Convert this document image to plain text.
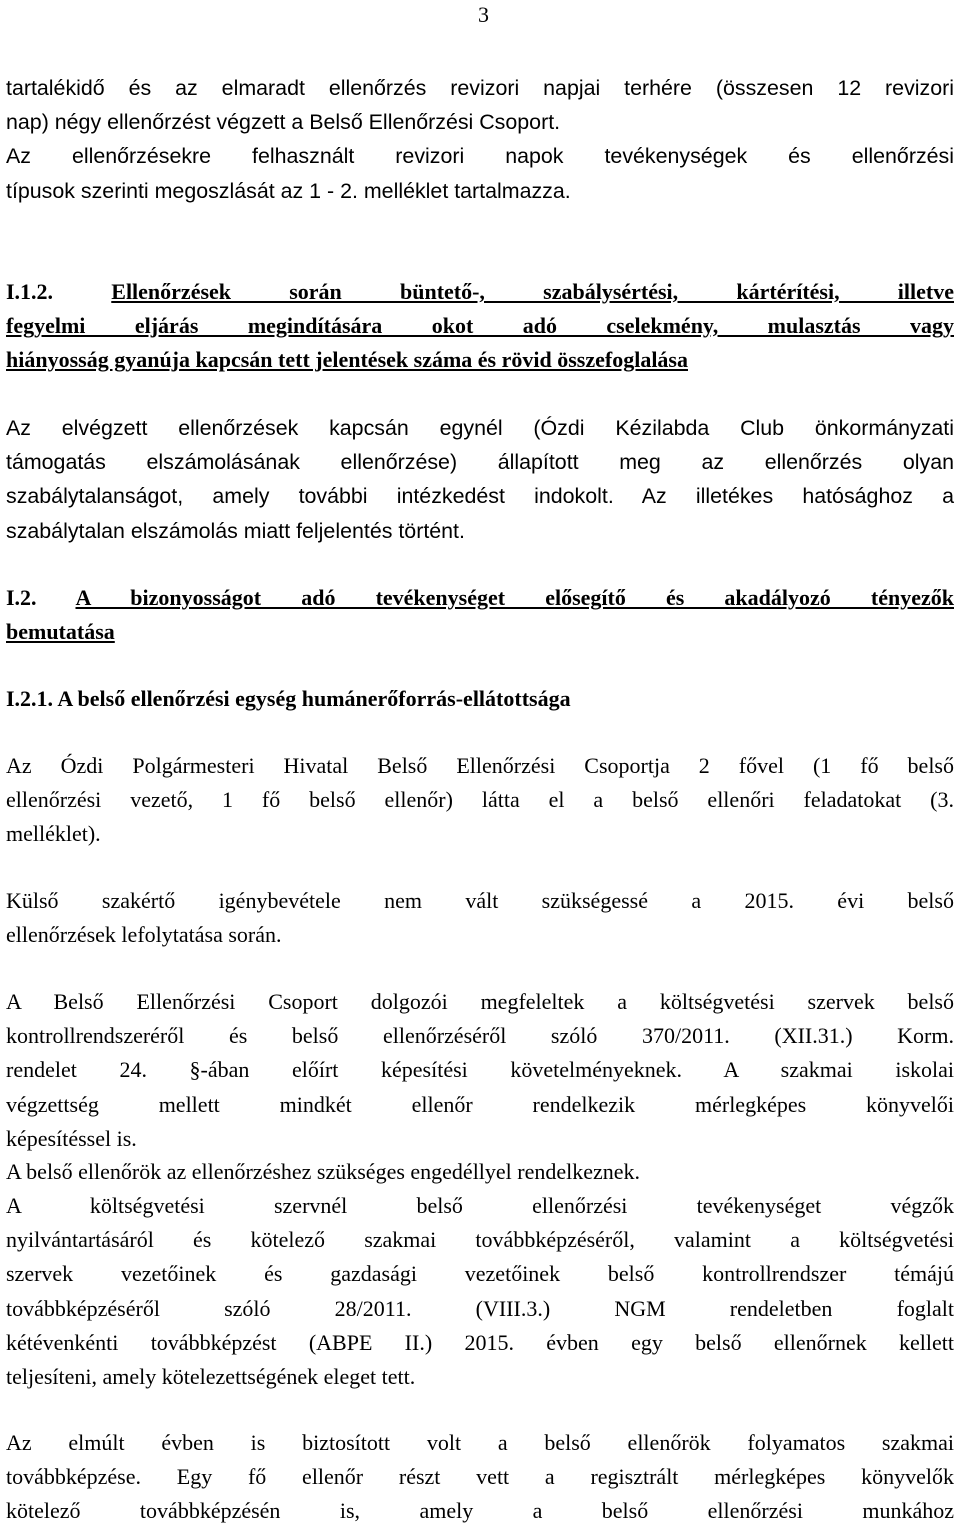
3
tartalékidő és az elmaradt ellenőrzés revizori napjai terhére (összesen 12 revizori
nap) négy ellenőrzést végzett a Belső Ellenőrzési Csoport.
Az ellenőrzésekre felhasznált revizori napok tevékenységek és ellenőrzési
típusok szerinti megoszlását az 1 - 2. melléklet tartalmazza.
I.1.2.	Ellenőrzések során büntető-, szabálysértési, kártérítési, illetve
fegyelmi eljárás megindítására okot adó cselekmény, mulasztás vagy
hiányosság gyanúja kapcsán tett jelentések száma és rövid összefoglalása
Az elvégzett ellenőrzések kapcsán egynél (Ózdi Kézilabda Club önkormányzati
támogatás elszámolásának ellenőrzése) állapított meg az ellenőrzés olyan
szabálytalanságot, amely további intézkedést indokolt. Az illetékes hatósághoz a
szabálytalan elszámolás miatt feljelentés történt.
I.2. A bizonyosságot adó tevékenységet elősegítő és akadályozó tényezők
bemutatása
I.2.1. A belső ellenőrzési egység humánerőforrás-ellátottsága
Az Ózdi Polgármesteri Hivatal Belső Ellenőrzési Csoportja 2 fővel (1 fő belső
ellenőrzési vezető, 1 fő belső ellenőr) látta el a belső ellenőri feladatokat (3.
melléklet).
Külső szakértő igénybevétele nem vált szükségessé a 2015. évi belső
ellenőrzések lefolytatása során.
A Belső Ellenőrzési Csoport dolgozói megfeleltek a költségvetési szervek belső
kontrollrendszeréről és belső ellenőrzéséről szóló 370/2011. (XII.31.) Korm.
rendelet 24. §-ában előírt képesítési követelményeknek. A szakmai iskolai
végzettség mellett mindkét ellenőr rendelkezik mérlegképes könyvelői
képesítéssel is.
A belső ellenőrök az ellenőrzéshez szükséges engedéllyel rendelkeznek.
A költségvetési szervnél belső ellenőrzési tevékenységet végzők
nyilvántartásáról és kötelező szakmai továbbképzéséről, valamint a költségvetési
szervek vezetőinek és gazdasági vezetőinek belső kontrollrendszer témájú
továbbképzéséről szóló 28/2011. (VIII.3.) NGM rendeletben foglalt
kétévenkénti továbbképzést (ABPE II.) 2015. évben egy belső ellenőrnek kellett
teljesíteni, amely kötelezettségének eleget tett.
Az elmúlt évben is biztosított volt a belső ellenőrök folyamatos szakmai
továbbképzése. Egy fő ellenőr részt vett a regisztrált mérlegképes könyvelők
kötelező továbbképzésén is, amely a belső ellenőrzési munkához
